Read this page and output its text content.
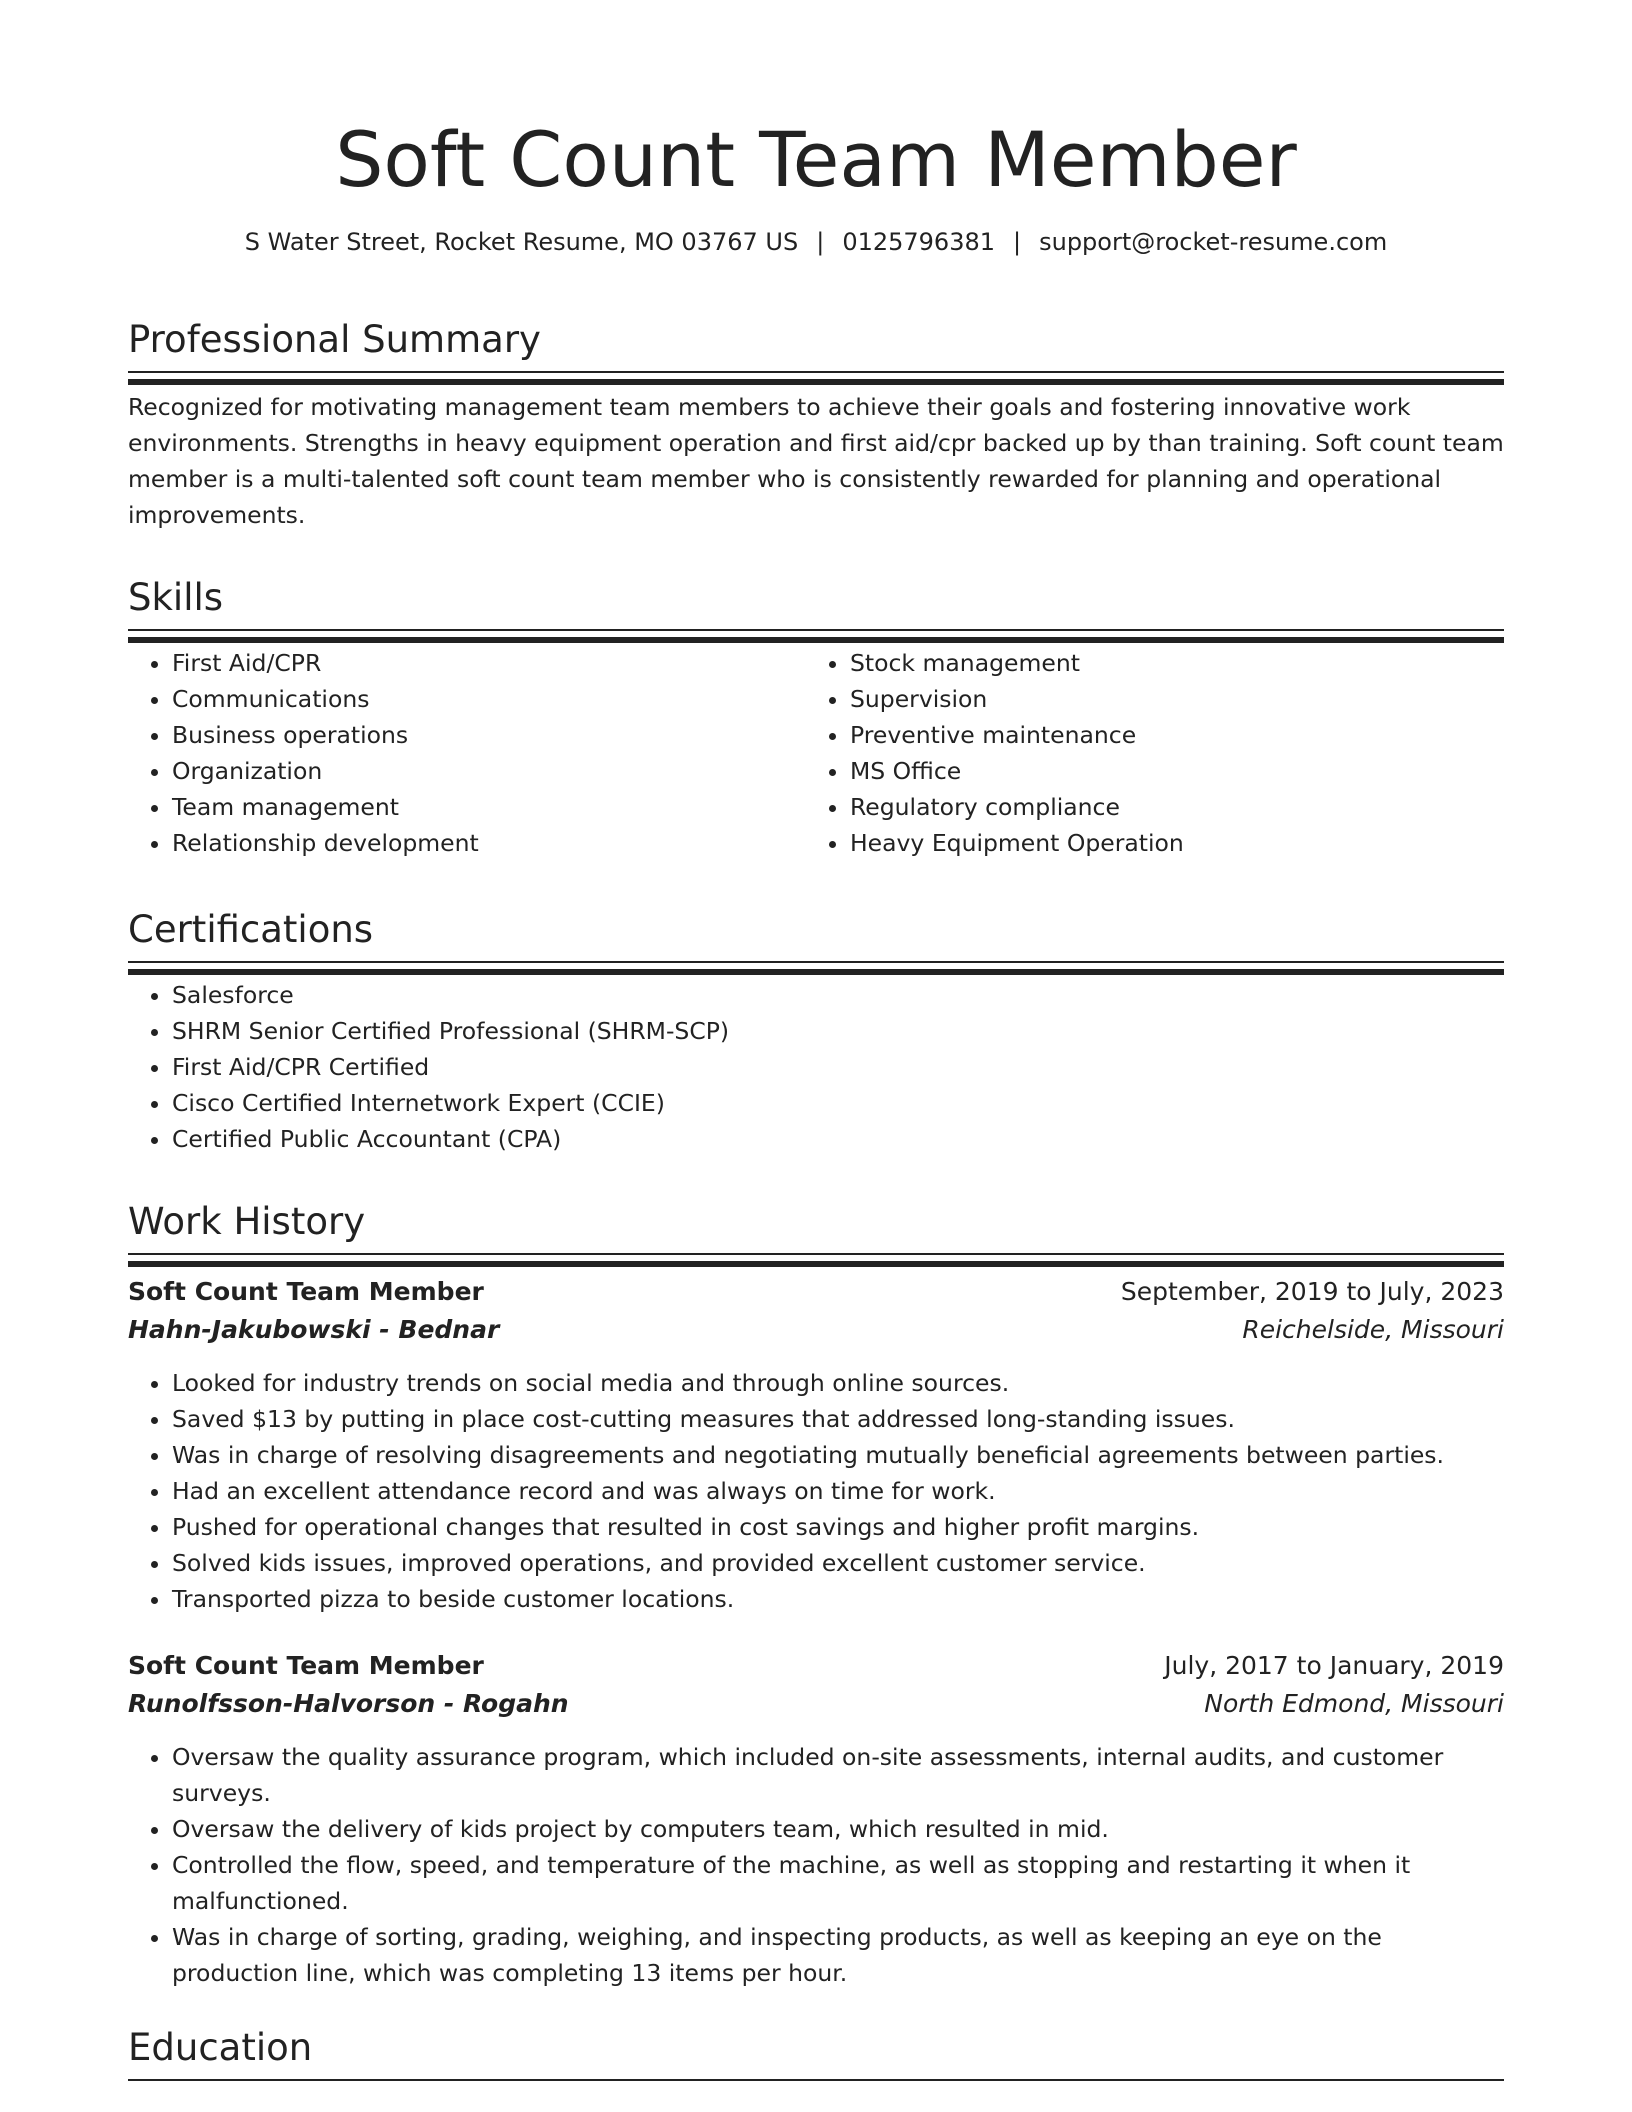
Soft Count Team Member
S Water Street, Rocket Resume, MO 03767 US | 0125796381 | support@rocket-resume.com
Professional Summary

Recognized for motivating management team members to achieve their goals and fostering innovative work environments. Strengths in heavy equipment operation and first aid/cpr backed up by than training. Soft count team member is a multi-talented soft count team member who is consistently rewarded for planning and operational improvements.

Skills
• First Aid/CPR
• Communications
• Business operations
• Organization
• Team management
• Relationship development
• Stock management
• Supervision
• Preventive maintenance
• MS Office
• Regulatory compliance
• Heavy Equipment Operation
Certifications
• Salesforce
• SHRM Senior Certified Professional (SHRM-SCP)
• First Aid/CPR Certified
• Cisco Certified Internetwork Expert (CCIE)
• Certified Public Accountant (CPA)
Work History
Soft Count Team Member	September, 2019 to July, 2023
Hahn-Jakubowski - Bednar	Reichelside, Missouri
• Looked for industry trends on social media and through online sources.
• Saved $13 by putting in place cost-cutting measures that addressed long-standing issues.
• Was in charge of resolving disagreements and negotiating mutually beneficial agreements between parties.
• Had an excellent attendance record and was always on time for work.
• Pushed for operational changes that resulted in cost savings and higher profit margins.
• Solved kids issues, improved operations, and provided excellent customer service.
• Transported pizza to beside customer locations.
Soft Count Team Member	July, 2017 to January, 2019
Runolfsson-Halvorson - Rogahn	North Edmond, Missouri
• Oversaw the quality assurance program, which included on-site assessments, internal audits, and customer surveys.
• Oversaw the delivery of kids project by computers team, which resulted in mid.
• Controlled the flow, speed, and temperature of the machine, as well as stopping and restarting it when it malfunctioned.
• Was in charge of sorting, grading, weighing, and inspecting products, as well as keeping an eye on the production line, which was completing 13 items per hour.
Education
